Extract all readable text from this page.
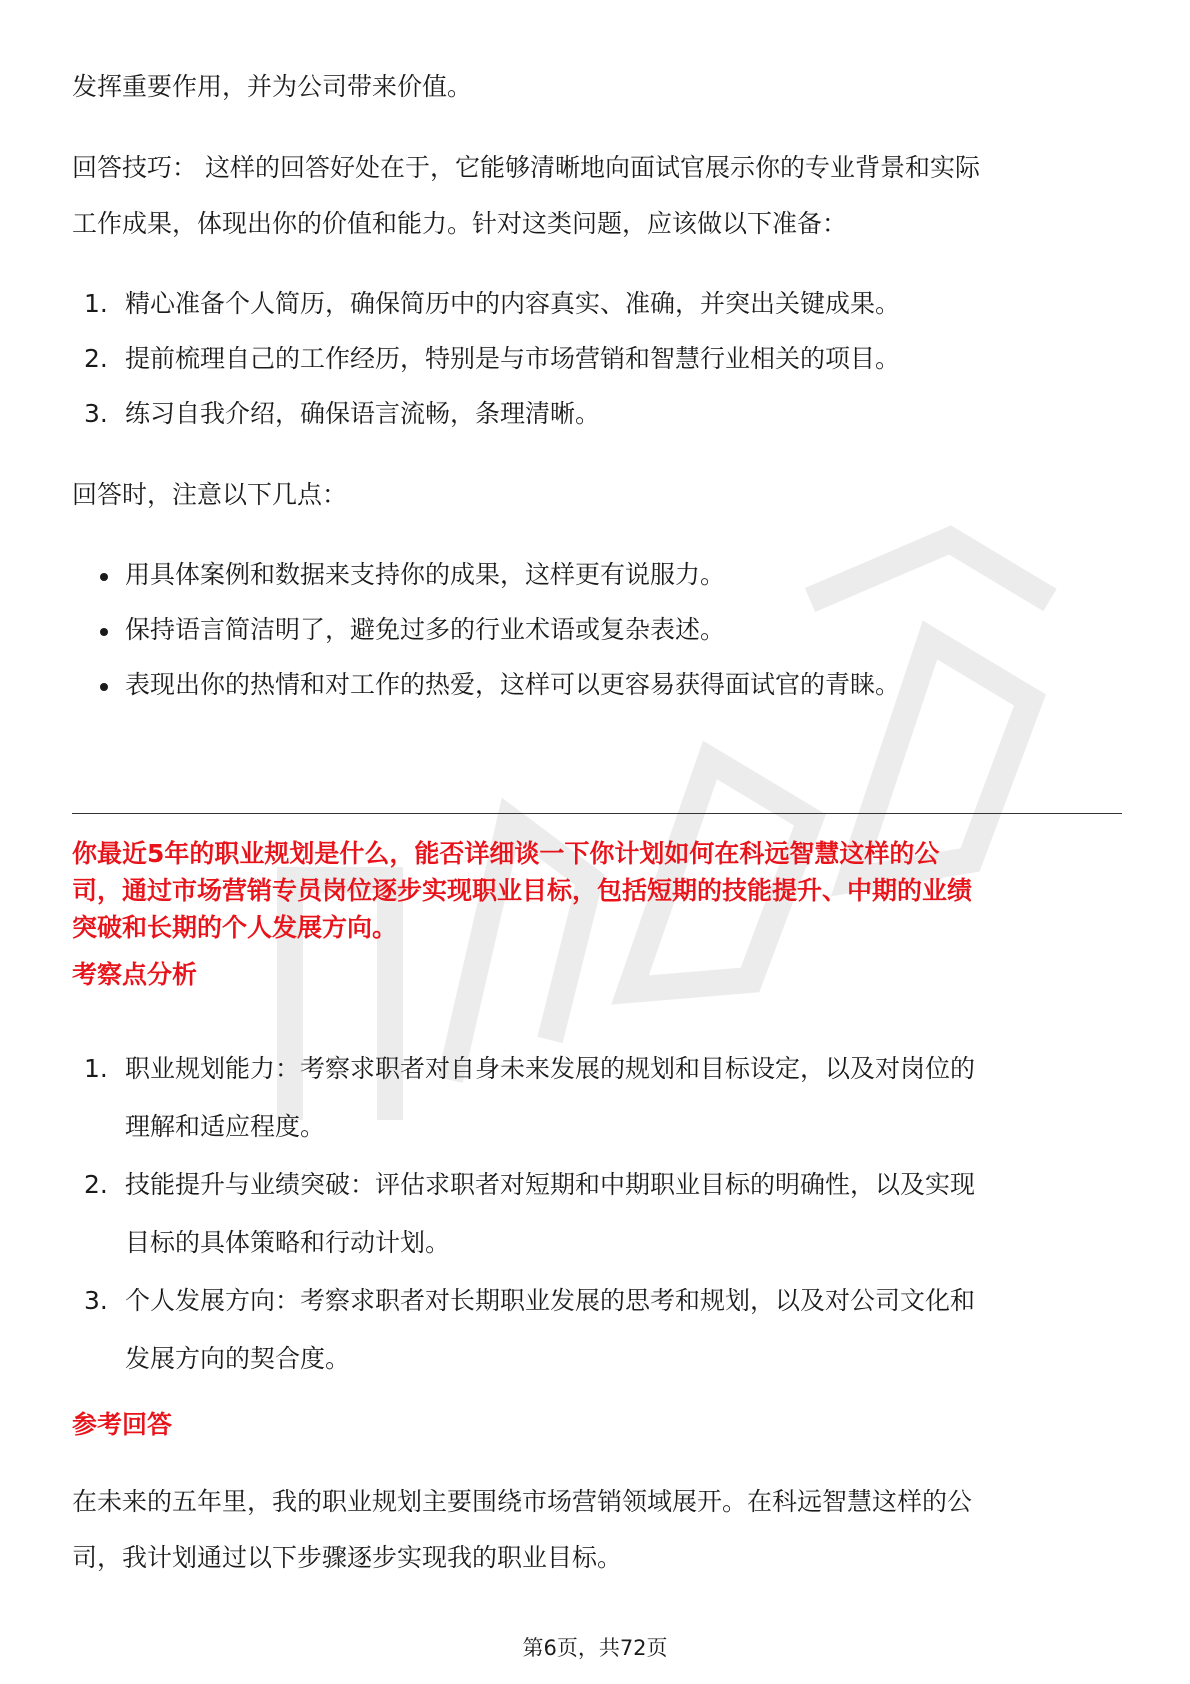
发挥重要作用，并为公司带来价值。

回答技巧： 这样的回答好处在于，它能够清晰地向面试官展示你的专业背景和实际

工作成果，体现出你的价值和能力。针对这类问题，应该做以下准备：

1. 精心准备个人简历，确保简历中的内容真实、准确，并突出关键成果。
2. 提前梳理自己的工作经历，特别是与市场营销和智慧行业相关的项目。
3. 练习自我介绍，确保语言流畅，条理清晰。

回答时，注意以下几点：

用具体案例和数据来支持你的成果，这样更有说服力。
保持语言简洁明了，避免过多的行业术语或复杂表述。
表现出你的热情和对工作的热爱，这样可以更容易获得面试官的青睐。
你最近5年的职业规划是什么，能否详细谈一下你计划如何在科远智慧这样的公
司，通过市场营销专员岗位逐步实现职业目标，包括短期的技能提升、中期的业绩
突破和长期的个人发展方向。

考察点分析

1. 职业规划能力：考察求职者对自身未来发展的规划和目标设定，以及对岗位的
理解和适应程度。
2. 技能提升与业绩突破：评估求职者对短期和中期职业目标的明确性，以及实现
目标的具体策略和行动计划。
3. 个人发展方向：考察求职者对长期职业发展的思考和规划，以及对公司文化和
发展方向的契合度。

参考回答

在未来的五年里，我的职业规划主要围绕市场营销领域展开。在科远智慧这样的公

司，我计划通过以下步骤逐步实现我的职业目标。

第6页，共72页
